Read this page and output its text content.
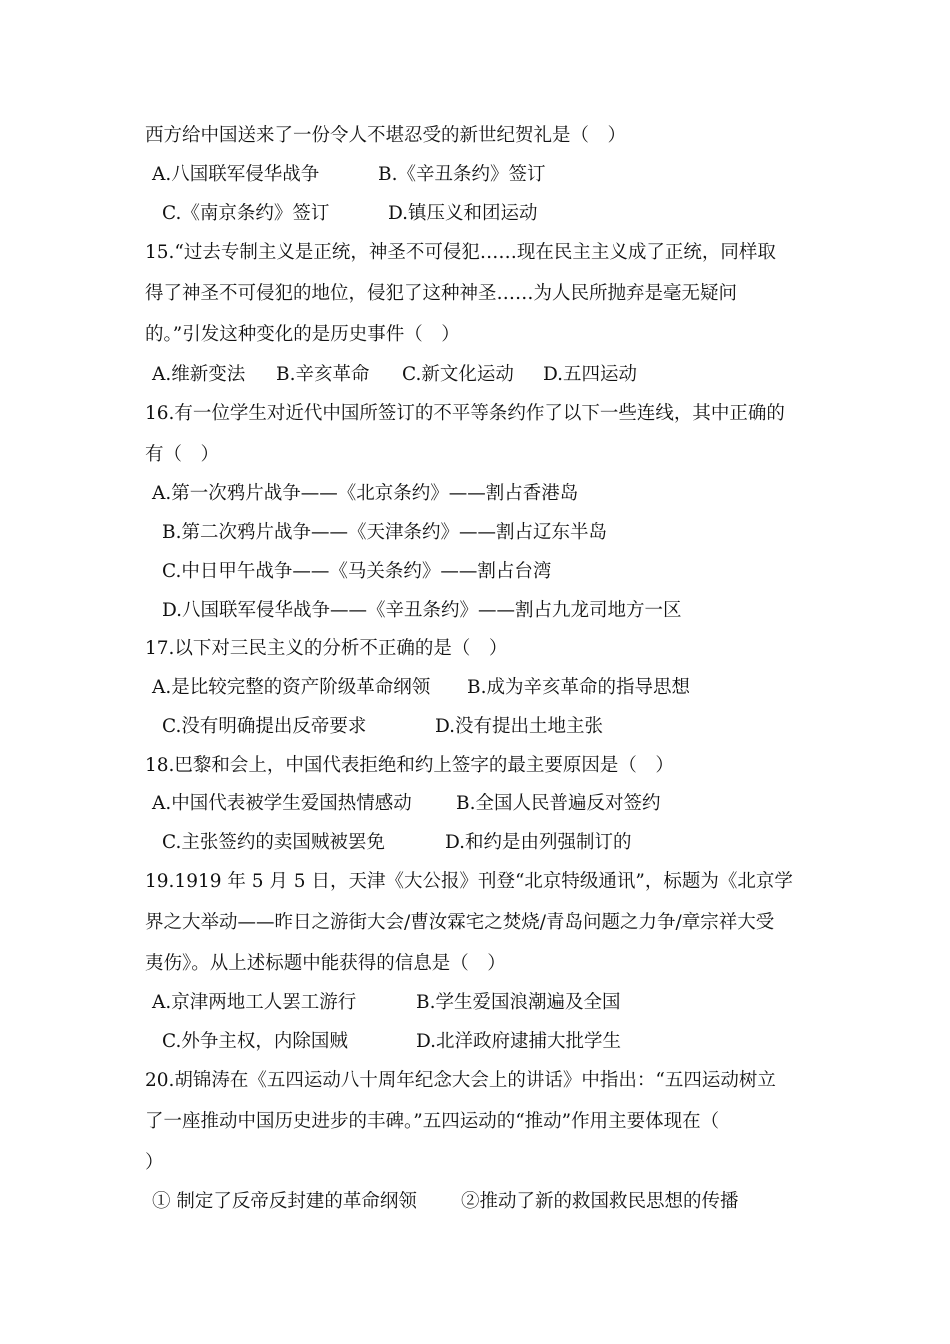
西方给中国送来了一份令人不堪忍受的新世纪贺礼是（　）
A.八国联军侵华战争	B.《辛丑条约》签订
C.《南京条约》签订	D.镇压义和团运动
15.“过去专制主义是正统，神圣不可侵犯……现在民主主义成了正统，同样取
得了神圣不可侵犯的地位，侵犯了这种神圣……为人民所抛弃是毫无疑问
的。”引发这种变化的是历史事件（　）
A.维新变法 B.辛亥革命 C.新文化运动 D.五四运动
16.有一位学生对近代中国所签订的不平等条约作了以下一些连线，其中正确的
有（　）
A.第一次鸦片战争——《北京条约》——割占香港岛
B.第二次鸦片战争——《天津条约》——割占辽东半岛
C.中日甲午战争——《马关条约》——割占台湾
D.八国联军侵华战争——《辛丑条约》——割占九龙司地方一区
17.以下对三民主义的分析不正确的是（　）
A.是比较完整的资产阶级革命纲领 B.成为辛亥革命的指导思想
C.没有明确提出反帝要求	D.没有提出土地主张
18.巴黎和会上，中国代表拒绝和约上签字的最主要原因是（　）
A.中国代表被学生爱国热情感动 B.全国人民普遍反对签约
C.主张签约的卖国贼被罢免	D.和约是由列强制订的
19.1919 年 5 月 5 日，天津《大公报》刊登“北京特级通讯”，标题为《北京学
界之大举动——昨日之游街大会/曹汝霖宅之焚烧/青岛问题之力争/章宗祥大受
夷伤》。从上述标题中能获得的信息是（　）
A.京津两地工人罢工游行	B.学生爱国浪潮遍及全国
C.外争主权，内除国贼	D.北洋政府逮捕大批学生
20.胡锦涛在《五四运动八十周年纪念大会上的讲话》中指出：“五四运动树立
了一座推动中国历史进步的丰碑。”五四运动的“推动”作用主要体现在（
）
① 制定了反帝反封建的革命纲领 ②推动了新的救国救民思想的传播
